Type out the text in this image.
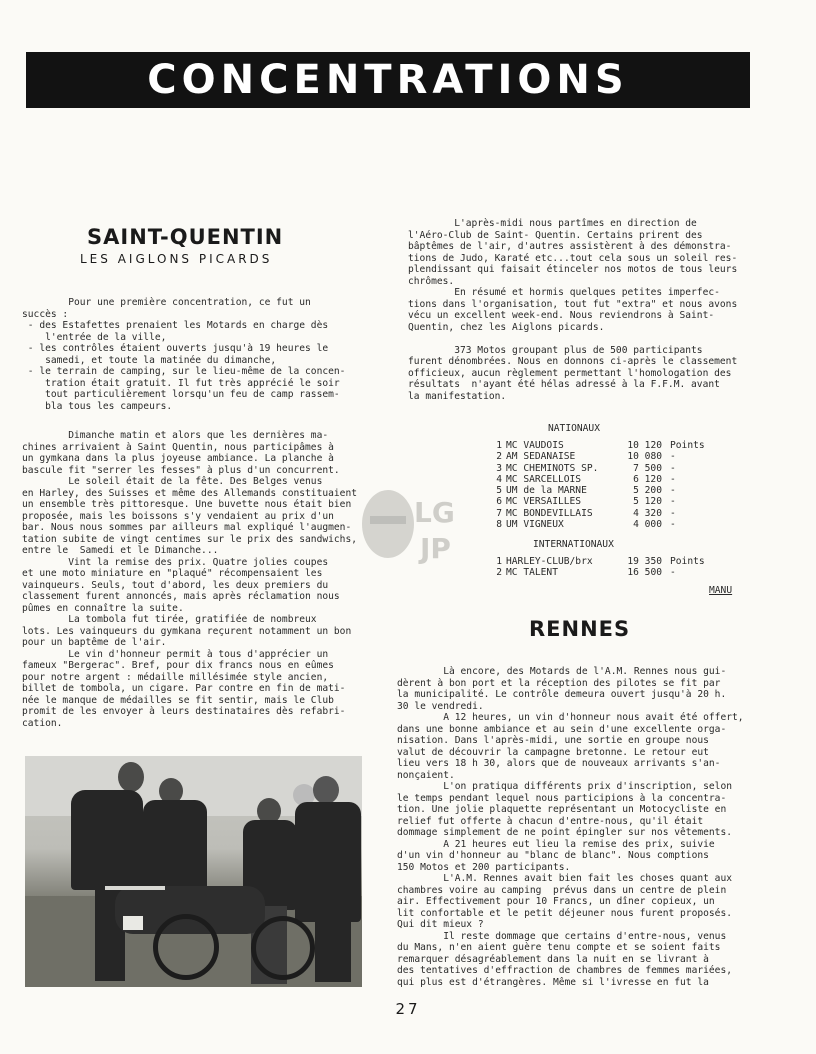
CONCENTRATIONS
SAINT-QUENTIN
LES AIGLONS PICARDS

Pour une première concentration, ce fut un
succès :
- des Estafettes prenaient les Motards en charge dès
l'entrée de la ville,
- les contrôles étaient ouverts jusqu'à 19 heures le
samedi, et toute la matinée du dimanche,
- le terrain de camping, sur le lieu-même de la concen-
tration était gratuit. Il fut très apprécié le soir
tout particulièrement lorsqu'un feu de camp rassem-
bla tous les campeurs.

Dimanche matin et alors que les dernières ma-
chines arrivaient à Saint Quentin, nous participâmes à
un gymkana dans la plus joyeuse ambiance. La planche à
bascule fit "serrer les fesses" à plus d'un concurrent.
Le soleil était de la fête. Des Belges venus
en Harley, des Suisses et même des Allemands constituaient
un ensemble très pittoresque. Une buvette nous était bien
proposée, mais les boissons s'y vendaient au prix d'un
bar. Nous nous sommes par ailleurs mal expliqué l'augmen-
tation subite de vingt centimes sur le prix des sandwichs,
entre le  Samedi et le Dimanche...
Vint la remise des prix. Quatre jolies coupes
et une moto miniature en "plaqué" récompensaient les
vainqueurs. Seuls, tout d'abord, les deux premiers du
classement furent annoncés, mais après réclamation nous
pûmes en connaître la suite.
La tombola fut tirée, gratifiée de nombreux
lots. Les vainqueurs du gymkana reçurent notamment un bon
pour un baptême de l'air.
Le vin d'honneur permit à tous d'apprécier un
fameux "Bergerac". Bref, pour dix francs nous en eûmes
pour notre argent : médaille millésimée style ancien,
billet de tombola, un cigare. Par contre en fin de mati-
née le manque de médailles se fit sentir, mais le Club
promit de les envoyer à leurs destinataires dès refabri-
cation.

L'après-midi nous partîmes en direction de
l'Aéro-Club de Saint- Quentin. Certains prirent des
bâptêmes de l'air, d'autres assistèrent à des démonstra-
tions de Judo, Karaté etc...tout cela sous un soleil res-
plendissant qui faisait étinceler nos motos de tous leurs
chrômes.
En résumé et hormis quelques petites imperfec-
tions dans l'organisation, tout fut "extra" et nous avons
vécu un excellent week-end. Nous reviendrons à Saint-
Quentin, chez les Aiglons picards.

373 Motos groupant plus de 500 participants
furent dénombrées. Nous en donnons ci-après le classement
officieux, aucun règlement permettant l'homologation des
résultats  n'ayant été hélas adressé à la F.F.M. avant
la manifestation.

NATIONAUX
1	MC VAUDOIS	10 120	Points
2	AM SEDANAISE	10 080	-
3	MC CHEMINOTS SP.	7 500	-
4	MC SARCELLOIS	6 120	-
5	UM de la MARNE	5 200	-
6	MC VERSAILLES	5 120	-
7	MC BONDEVILLAIS	4 320	-
8	UM VIGNEUX	4 000	-
INTERNATIONAUX
1	HARLEY-CLUB/brx	19 350	Points
2	MC TALENT	16 500	-
MANU
LG
JP
RENNES

Là encore, des Motards de l'A.M. Rennes nous gui-
dèrent à bon port et la réception des pilotes se fit par
la municipalité. Le contrôle demeura ouvert jusqu'à 20 h.
30 le vendredi.
A 12 heures, un vin d'honneur nous avait été offert,
dans une bonne ambiance et au sein d'une excellente orga-
nisation. Dans l'après-midi, une sortie en groupe nous
valut de découvrir la campagne bretonne. Le retour eut
lieu vers 18 h 30, alors que de nouveaux arrivants s'an-
nonçaient.
L'on pratiqua différents prix d'inscription, selon
le temps pendant lequel nous participions à la concentra-
tion. Une jolie plaquette représentant un Motocycliste en
relief fut offerte à chacun d'entre-nous, qu'il était
dommage simplement de ne point épingler sur nos vêtements.
A 21 heures eut lieu la remise des prix, suivie
d'un vin d'honneur au "blanc de blanc". Nous comptions
150 Motos et 200 participants.
L'A.M. Rennes avait bien fait les choses quant aux
chambres voire au camping  prévus dans un centre de plein
air. Effectivement pour 10 Francs, un dîner copieux, un
lit confortable et le petit déjeuner nous furent proposés.
Qui dit mieux ?
Il reste dommage que certains d'entre-nous, venus
du Mans, n'en aient guère tenu compte et se soient faits
remarquer désagréablement dans la nuit en se livrant à
des tentatives d'effraction de chambres de femmes mariées,
qui plus est d'étrangères. Même si l'ivresse en fut la

27
